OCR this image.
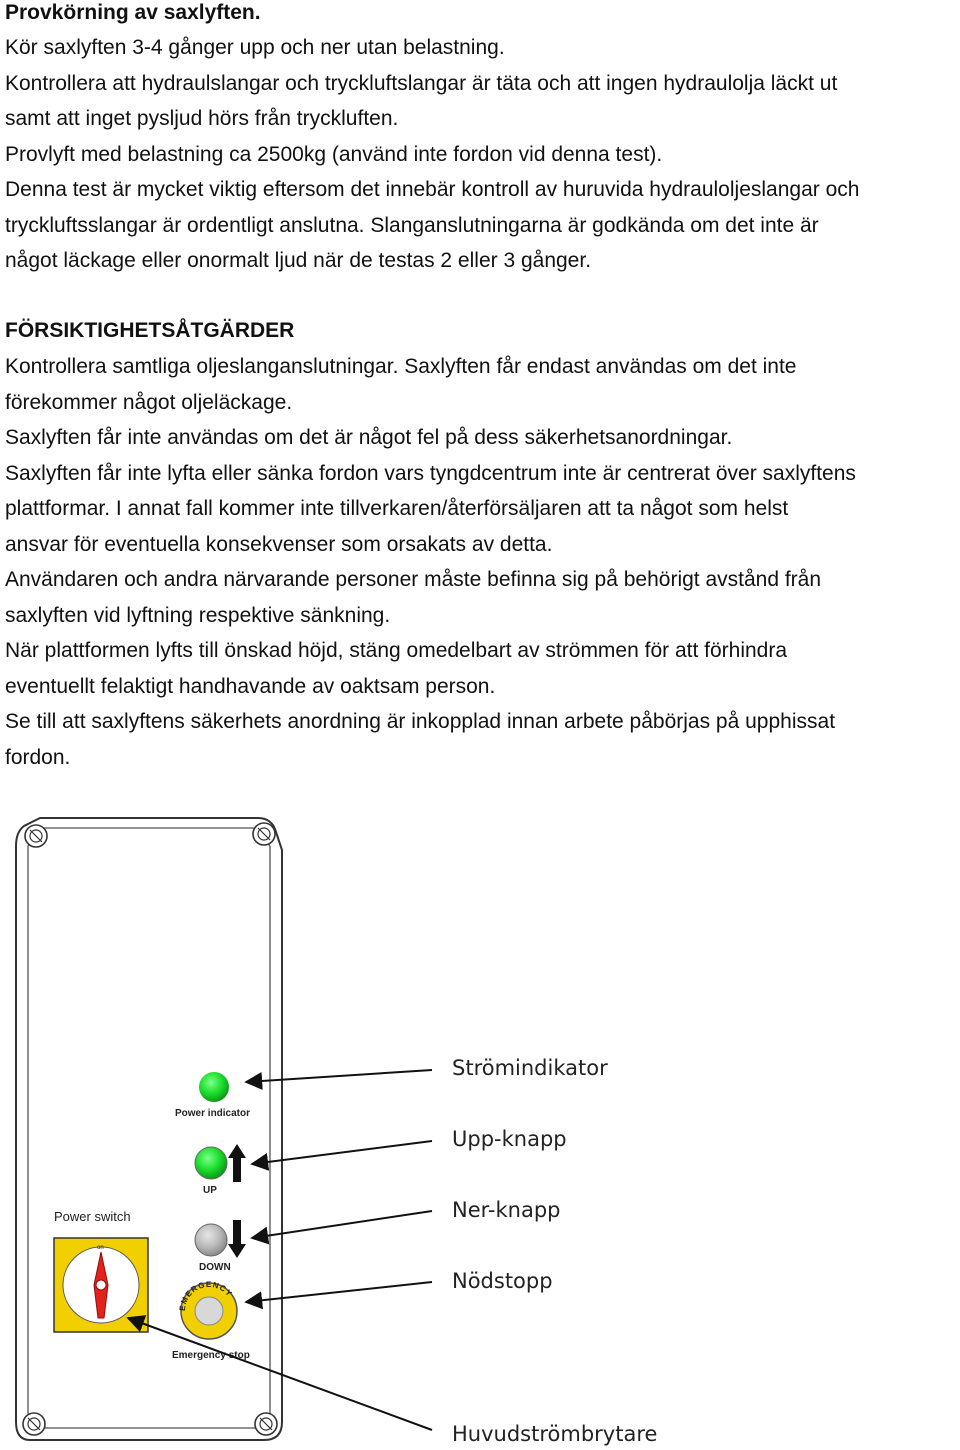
Provkörning av saxlyften.

Kör saxlyften 3-4 gånger upp och ner utan belastning.

Kontrollera att hydraulslangar och tryckluftslangar är täta och att ingen hydraulolja läckt ut

samt att inget pysljud hörs från tryckluften.

Provlyft med belastning ca 2500kg (använd inte fordon vid denna test).

Denna test är mycket viktig eftersom det innebär kontroll av huruvida hydrauloljeslangar och

tryckluftsslangar är ordentligt anslutna. Slanganslutningarna är godkända om det inte är

något läckage eller onormalt ljud när de testas 2 eller 3 gånger.

FÖRSIKTIGHETSÅTGÄRDER

Kontrollera samtliga oljeslanganslutningar. Saxlyften får endast användas om det inte

förekommer något oljeläckage.

Saxlyften får inte användas om det är något fel på dess säkerhetsanordningar.

Saxlyften får inte lyfta eller sänka fordon vars tyngdcentrum inte är centrerat över saxlyftens

plattformar. I annat fall kommer inte tillverkaren/återförsäljaren att ta något som helst

ansvar för eventuella konsekvenser som orsakats av detta.

Användaren och andra närvarande personer måste befinna sig på behörigt avstånd från

saxlyften vid lyftning respektive sänkning.

När plattformen lyfts till önskad höjd, stäng omedelbart av strömmen för att förhindra

eventuellt felaktigt handhavande av oaktsam person.

Se till att saxlyftens säkerhets anordning är inkopplad innan arbete påbörjas på upphissat

fordon.

Power indicator
UP
DOWN
EMERGENCY
Emergency stop
Power switch
on
Strömindikator
Upp-knapp
Ner-knapp
Nödstopp
Huvudströmbrytare
